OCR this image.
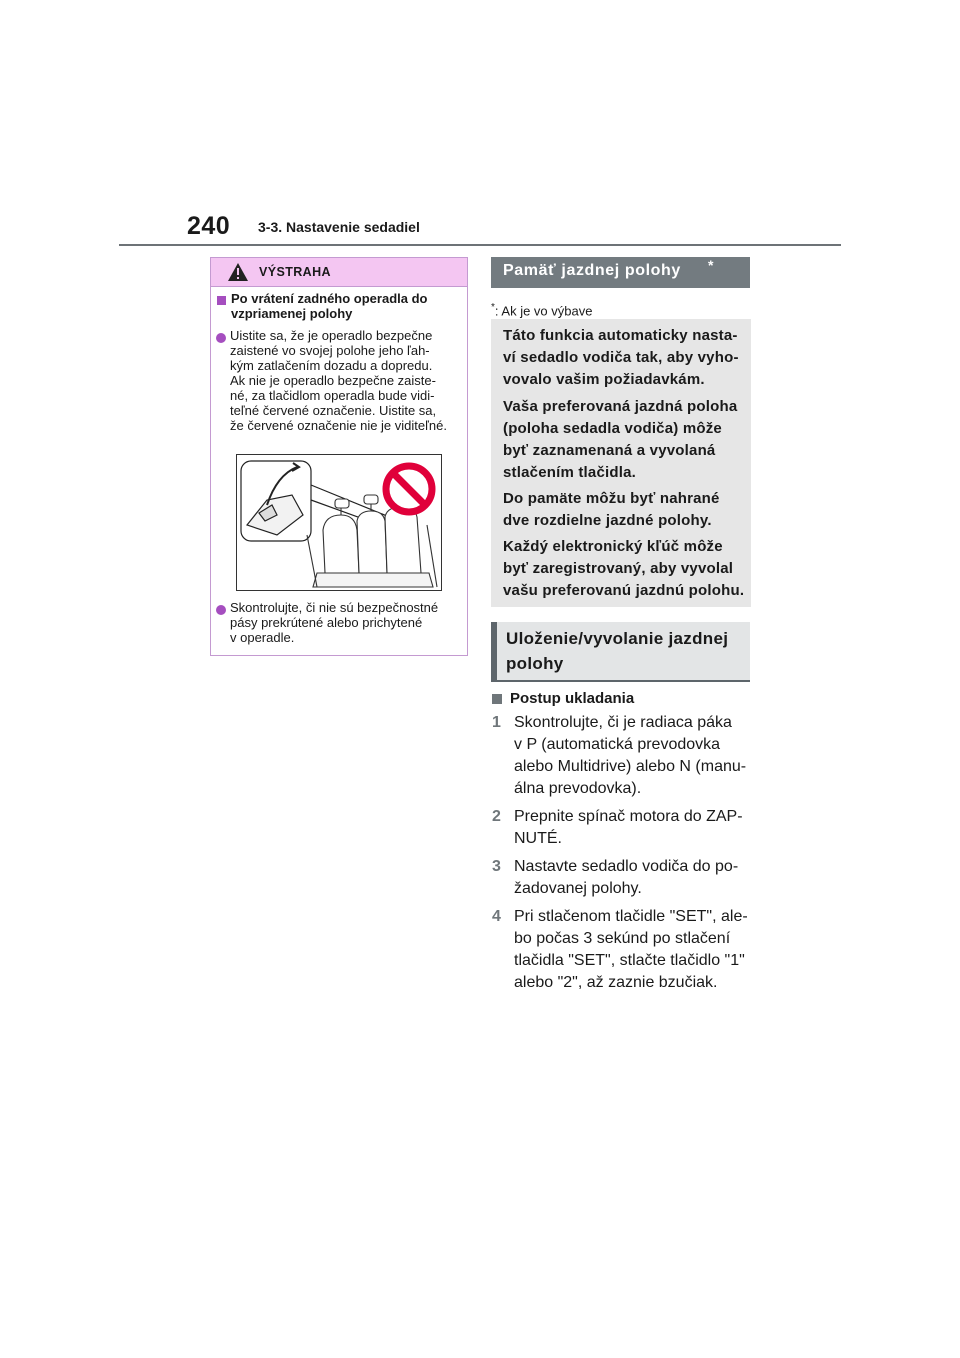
240 3-3. Nastavenie sedadiel
VÝSTRAHA
Po vrátení zadného operadla do
vzpriamenej polohy
Uistite sa, že je operadlo bezpečne
zaistené vo svojej polohe jeho ľah-
kým zatlačením dozadu a dopredu.
Ak nie je operadlo bezpečne zaiste-
né, za tlačidlom operadla bude vidi-
teľné červené označenie. Uistite sa,
že červené označenie nie je viditeľné.
Skontrolujte, či nie sú bezpečnostné
pásy prekrútené alebo prichytené
v operadle.
Pamäť jazdnej polohy *
*: Ak je vo výbave
Táto funkcia automaticky nasta-
ví sedadlo vodiča tak, aby vyho-
vovalo vašim požiadavkám.
Vaša preferovaná jazdná poloha
(poloha sedadla vodiča) môže
byť zaznamenaná a vyvolaná
stlačením tlačidla.
Do pamäte môžu byť nahrané
dve rozdielne jazdné polohy.
Každý elektronický kľúč môže
byť zaregistrovaný, aby vyvolal
vašu preferovanú jazdnú polohu.
Uloženie/vyvolanie jazdnej
polohy
Postup ukladania
1 Skontrolujte, či je radiaca páka
v P (automatická prevodovka
alebo Multidrive) alebo N (manu-
álna prevodovka).
2 Prepnite spínač motora do ZAP-
NUTÉ.
3 Nastavte sedadlo vodiča do po-
žadovanej polohy.
4 Pri stlačenom tlačidle "SET", ale-
bo počas 3 sekúnd po stlačení
tlačidla "SET", stlačte tlačidlo "1"
alebo "2", až zaznie bzučiak.
